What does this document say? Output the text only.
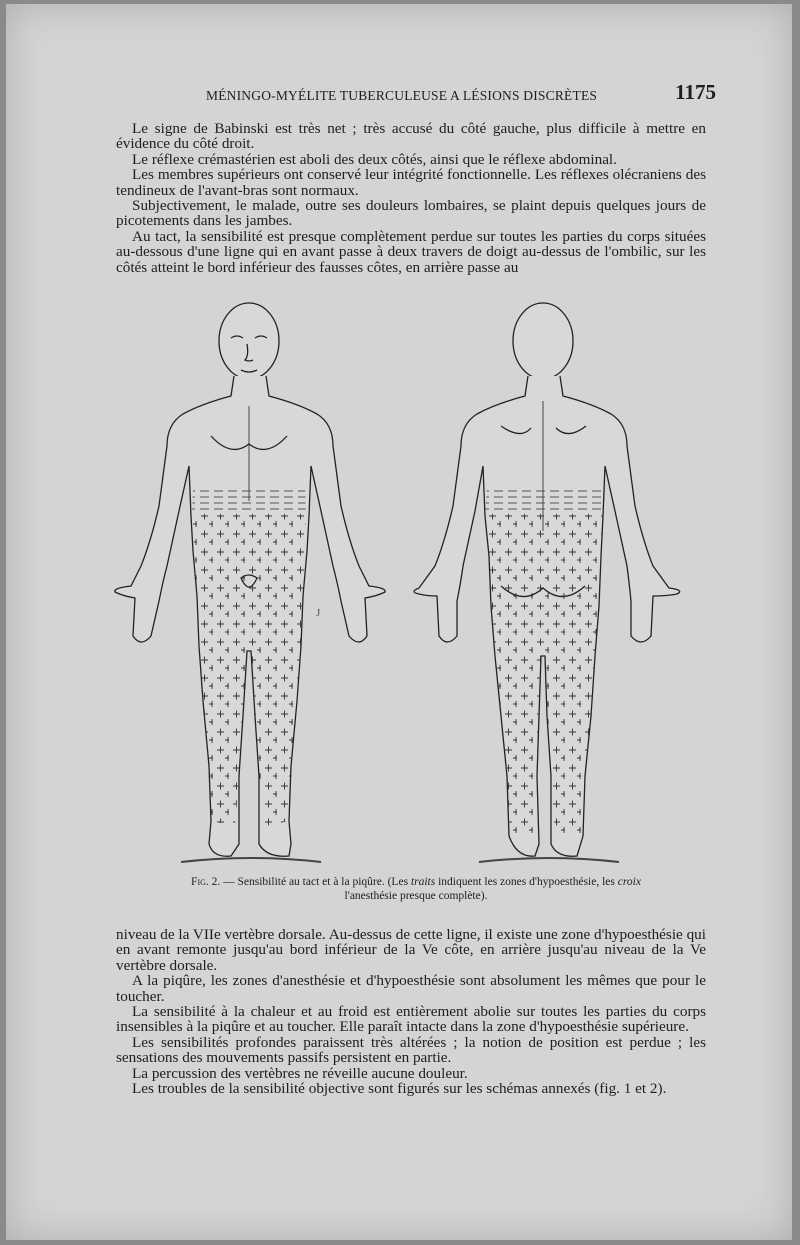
MÉNINGO-MYÉLITE TUBERCULEUSE A LÉSIONS DISCRÈTES	1175

Le signe de Babinski est très net ; très accusé du côté gauche, plus difficile à mettre en évidence du côté droit.

Le réflexe crémastérien est aboli des deux côtés, ainsi que le réflexe abdominal.

Les membres supérieurs ont conservé leur intégrité fonctionnelle. Les réflexes olécraniens des tendineux de l'avant-bras sont normaux.

Subjectivement, le malade, outre ses douleurs lombaires, se plaint depuis quelques jours de picotements dans les jambes.

Au tact, la sensibilité est presque complètement perdue sur toutes les parties du corps situées au-dessous d'une ligne qui en avant passe à deux travers de doigt au-dessus de l'ombilic, sur les côtés atteint le bord inférieur des fausses côtes, en arrière passe au

J
Fig. 2. — Sensibilité au tact et à la piqûre. (Les traits indiquent les zones d'hypoesthésie, les croix l'anesthésie presque complète).

niveau de la VIIe vertèbre dorsale. Au-dessus de cette ligne, il existe une zone d'hypoesthésie qui en avant remonte jusqu'au bord inférieur de la Ve côte, en arrière jusqu'au niveau de la Ve vertèbre dorsale.

A la piqûre, les zones d'anesthésie et d'hypoesthésie sont absolument les mêmes que pour le toucher.

La sensibilité à la chaleur et au froid est entièrement abolie sur toutes les parties du corps insensibles à la piqûre et au toucher. Elle paraît intacte dans la zone d'hypoesthésie supérieure.

Les sensibilités profondes paraissent très altérées ; la notion de position est perdue ; les sensations des mouvements passifs persistent en partie.

La percussion des vertèbres ne réveille aucune douleur.

Les troubles de la sensibilité objective sont figurés sur les schémas annexés (fig. 1 et 2).
